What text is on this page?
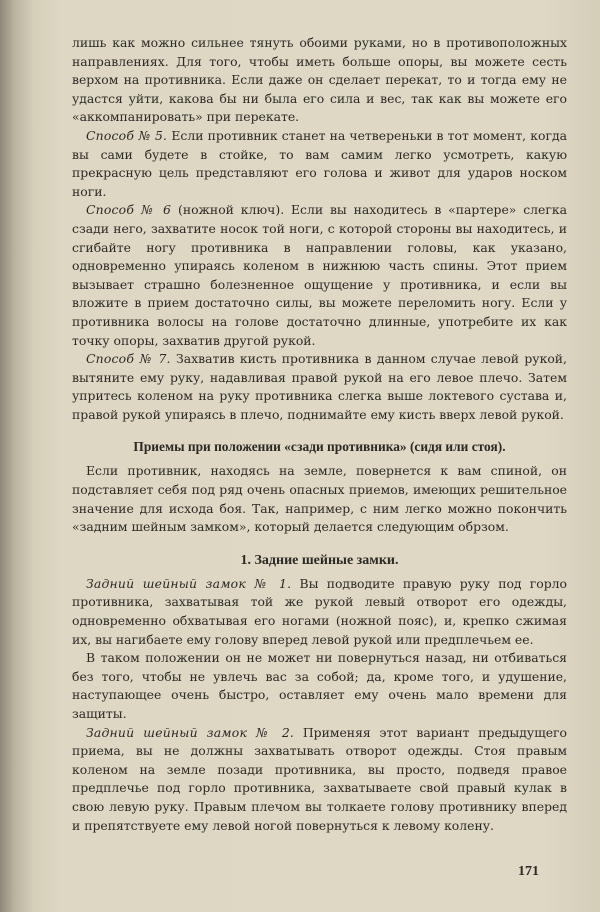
лишь как можно сильнее тянуть обоими руками, но в противоположных направлениях. Для того, чтобы иметь больше опоры, вы можете сесть верхом на противника. Если даже он сделает перекат, то и тогда ему не удастся уйти, какова бы ни была его сила и вес, так как вы можете его «аккомпанировать» при перекате.

Способ № 5. Если противник станет на четвереньки в тот момент, когда вы сами будете в стойке, то вам самим легко усмотреть, какую прекрасную цель представляют его голова и живот для ударов носком ноги.

Способ № 6 (ножной ключ). Если вы находитесь в «партере» слегка сзади него, захватите носок той ноги, с которой стороны вы находитесь, и сгибайте ногу противника в направлении головы, как указано, одновременно упираясь коленом в нижнюю часть спины. Этот прием вызывает страшно болезненное ощущение у противника, и если вы вложите в прием достаточно силы, вы можете переломить ногу. Если у противника волосы на голове достаточно длинные, употребите их как точку опоры, захватив другой рукой.

Способ № 7. Захватив кисть противника в данном случае левой рукой, вытяните ему руку, надавливая правой рукой на его левое плечо. Затем упритесь коленом на руку противника слегка выше локтевого сустава и, правой рукой упираясь в плечо, поднимайте ему кисть вверх левой рукой.

Приемы при положении «сзади противника» (сидя или стоя).

Если противник, находясь на земле, повернется к вам спиной, он подставляет себя под ряд очень опасных приемов, имеющих решительное значение для исхода боя. Так, например, с ним легко можно покончить «задним шейным замком», который делается следующим обрзом.

1. Задние шейные замки.

Задний шейный замок № 1. Вы подводите правую руку под горло противника, захватывая той же рукой левый отворот его одежды, одновременно обхватывая его ногами (ножной пояс), и, крепко сжимая их, вы нагибаете ему голову вперед левой рукой или предплечьем ее.

В таком положении он не может ни повернуться назад, ни отбиваться без того, чтобы не увлечь вас за собой; да, кроме того, и удушение, наступающее очень быстро, оставляет ему очень мало времени для защиты.

Задний шейный замок № 2. Применяя этот вариант предыдущего приема, вы не должны захватывать отворот одежды. Стоя правым коленом на земле позади противника, вы просто, подведя правое предплечье под горло противника, захватываете свой правый кулак в свою левую руку. Правым плечом вы толкаете голову противнику вперед и препятствуете ему левой ногой повернуться к левому колену.

171
